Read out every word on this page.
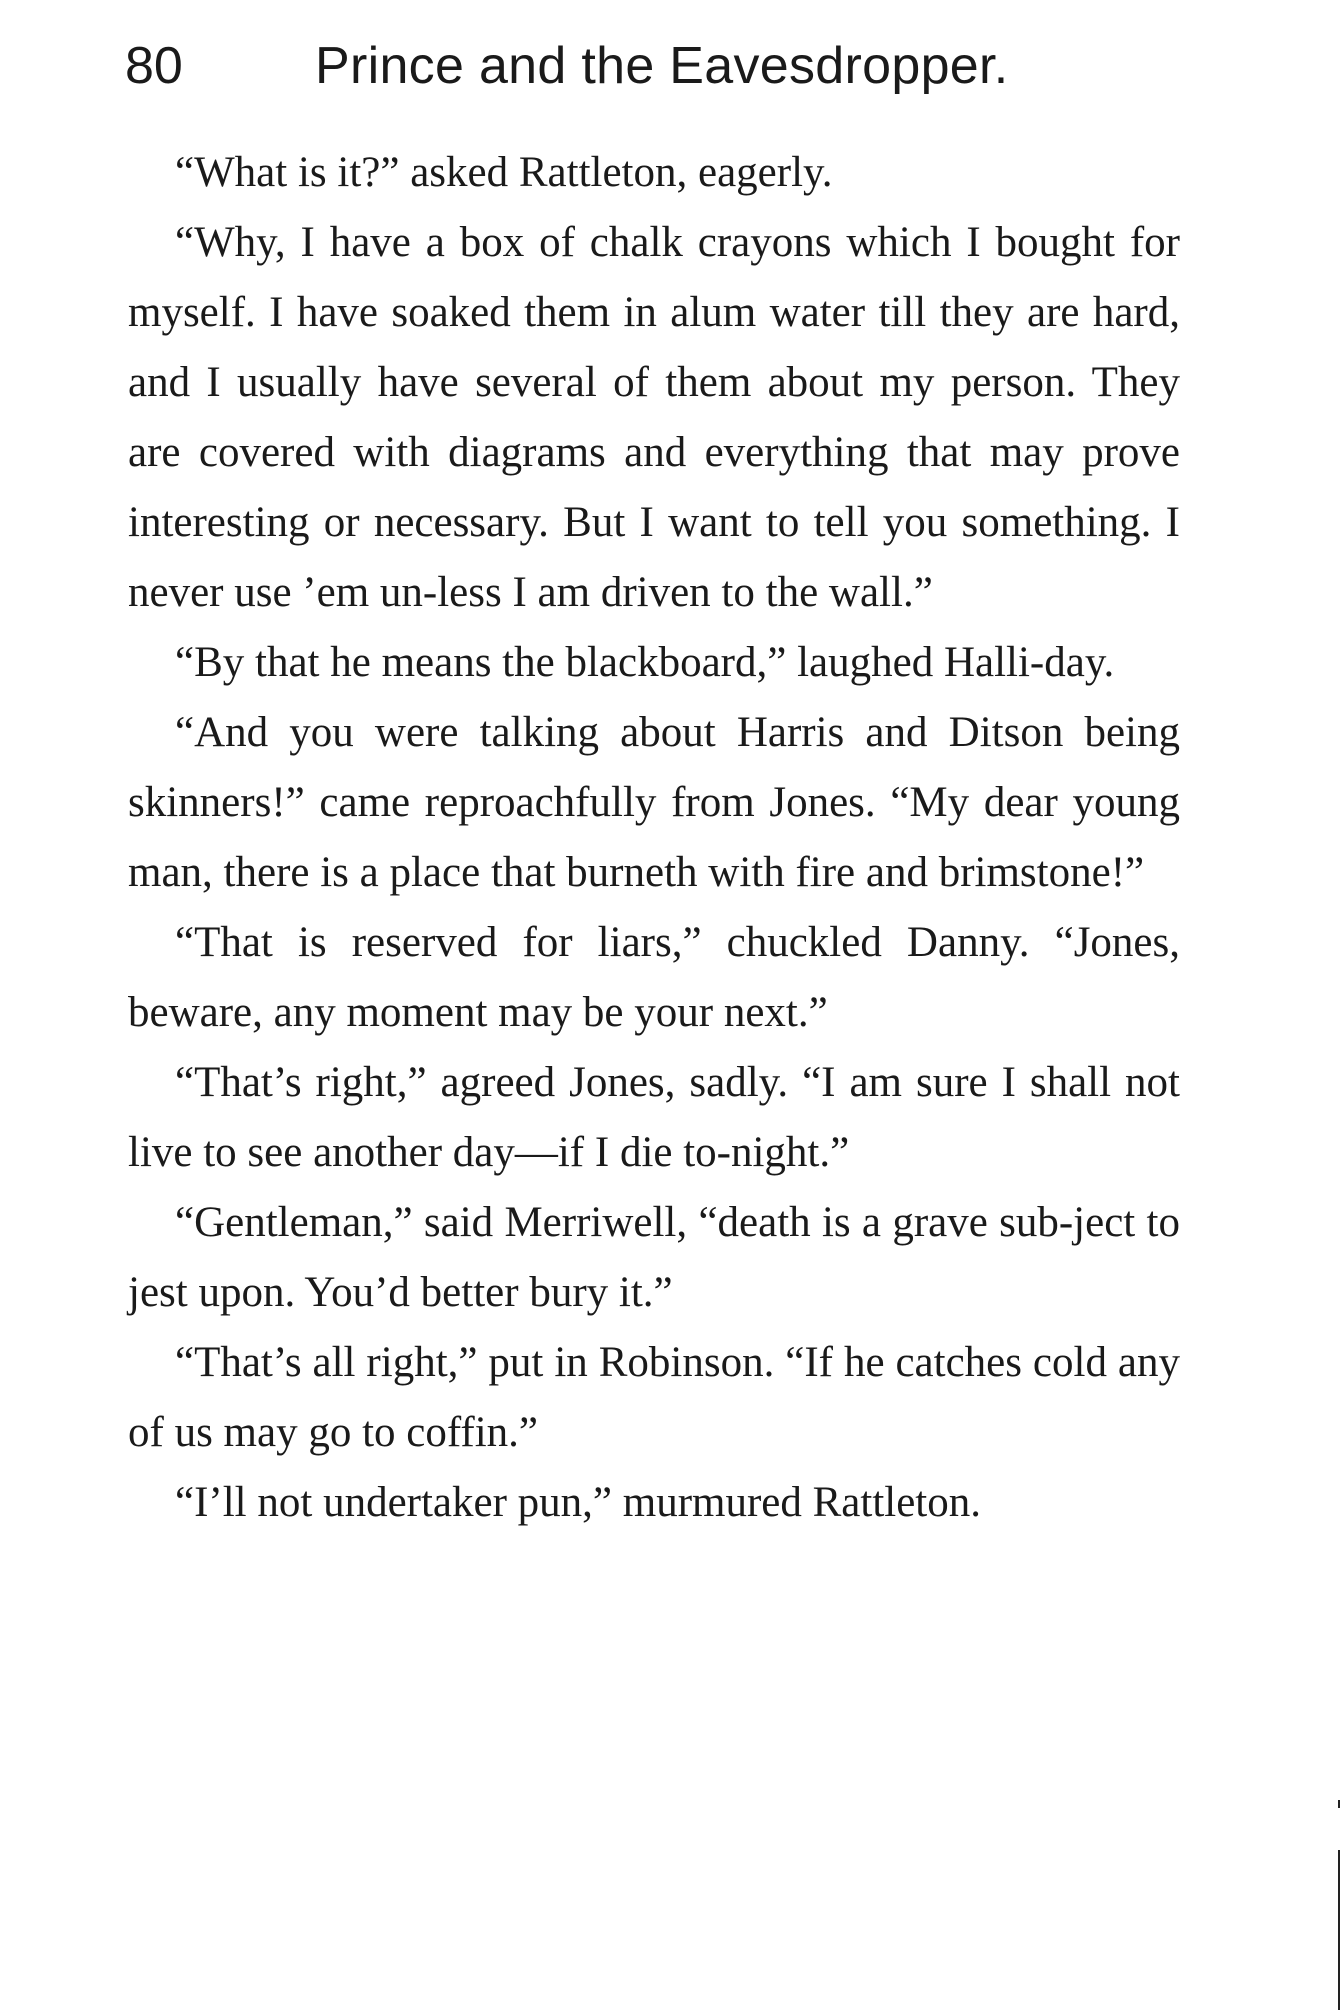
80	Prince and the Eavesdropper.

“What is it?” asked Rattleton, eagerly.

“Why, I have a box of chalk crayons which I bought for myself. I have soaked them in alum water till they are hard, and I usually have several of them about my person. They are covered with diagrams and everything that may prove interesting or necessary. But I want to tell you something. I never use ’em un-less I am driven to the wall.”

“By that he means the blackboard,” laughed Halli-day.

“And you were talking about Harris and Ditson being skinners!” came reproachfully from Jones. “My dear young man, there is a place that burneth with fire and brimstone!”

“That is reserved for liars,” chuckled Danny. “Jones, beware, any moment may be your next.”

“That’s right,” agreed Jones, sadly. “I am sure I shall not live to see another day—if I die to-night.”

“Gentleman,” said Merriwell, “death is a grave sub-ject to jest upon. You’d better bury it.”

“That’s all right,” put in Robinson. “If he catches cold any of us may go to coffin.”

“I’ll not undertaker pun,” murmured Rattleton.
